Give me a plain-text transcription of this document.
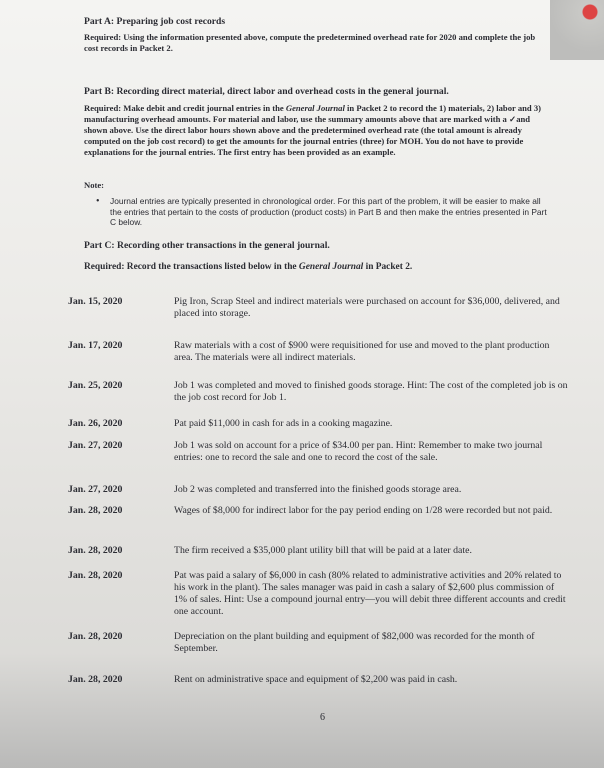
Part A: Preparing job cost records

Required: Using the information presented above, compute the predetermined overhead rate for 2020 and complete the job cost records in Packet 2.

Part B: Recording direct material, direct labor and overhead costs in the general journal.

Required: Make debit and credit journal entries in the General Journal in Packet 2 to record the 1) materials, 2) labor and 3) manufacturing overhead amounts. For material and labor, use the summary amounts above that are marked with a ✓and shown above. Use the direct labor hours shown above and the predetermined overhead rate (the total amount is already computed on the job cost record) to get the amounts for the journal entries (three) for MOH. You do not have to provide explanations for the journal entries. The first entry has been provided as an example.

Note:
• Journal entries are typically presented in chronological order. For this part of the problem, it will be easier to make all the entries that pertain to the costs of production (product costs) in Part B and then make the entries presented in Part C below.

Part C: Recording other transactions in the general journal.

Required: Record the transactions listed below in the General Journal in Packet 2.

Jan. 15, 2020	Pig Iron, Scrap Steel and indirect materials were purchased on account for $36,000, delivered, and placed into storage.
Jan. 17, 2020	Raw materials with a cost of $900 were requisitioned for use and moved to the plant production area. The materials were all indirect materials.
Jan. 25, 2020	Job 1 was completed and moved to finished goods storage. Hint: The cost of the completed job is on the job cost record for Job 1.
Jan. 26, 2020	Pat paid $11,000 in cash for ads in a cooking magazine.
Jan. 27, 2020	Job 1 was sold on account for a price of $34.00 per pan. Hint: Remember to make two journal entries: one to record the sale and one to record the cost of the sale.
Jan. 27, 2020	Job 2 was completed and transferred into the finished goods storage area.
Jan. 28, 2020	Wages of $8,000 for indirect labor for the pay period ending on 1/28 were recorded but not paid.
Jan. 28, 2020	The firm received a $35,000 plant utility bill that will be paid at a later date.
Jan. 28, 2020	Pat was paid a salary of $6,000 in cash (80% related to administrative activities and 20% related to his work in the plant). The sales manager was paid in cash a salary of $2,600 plus commission of 1% of sales. Hint: Use a compound journal entry—you will debit three different accounts and credit one account.
Jan. 28, 2020	Depreciation on the plant building and equipment of $82,000 was recorded for the month of September.
Jan. 28, 2020	Rent on administrative space and equipment of $2,200 was paid in cash.
6
